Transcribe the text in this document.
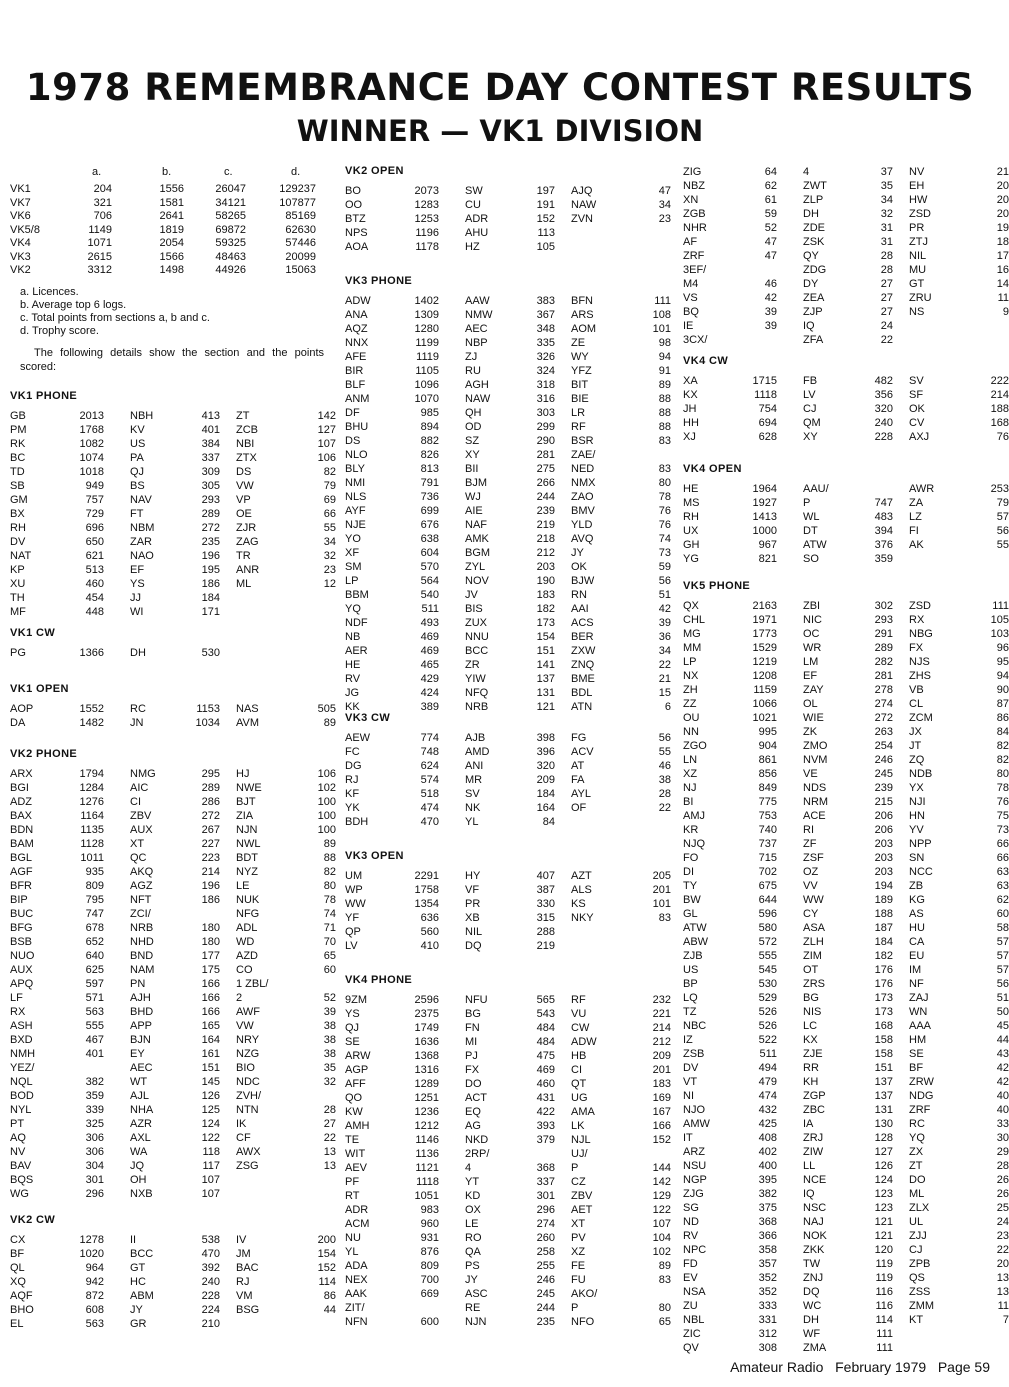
1978 REMEMBRANCE DAY CONTEST RESULTS
WINNER — VK1 DIVISION
a.	b.	c.	d.
VK1	204	1556	26047	129237
VK7	321	1581	34121	107877
VK6	706	2641	58265	85169
VK5/8	1149	1819	69872	62630
VK4	1071	2054	59325	57446
VK3	2615	1566	48463	20099
VK2	3312	1498	44926	15063
a. Licences.
b. Average top 6 logs.
c. Total points from sections a, b and c.
d. Trophy score.
The following details show the section and the points scored:
VK1 PHONE
GB	2013 NBH	413 ZT	142
PM	1768 KV	401 ZCB	127
RK	1082 US	384 NBI	107
BC	1074 PA	337 ZTX	106
TD	1018 QJ	309 DS	82
SB	949 BS	305 VW	79
GM	757 NAV	293 VP	69
BX	729 FT	289 OE	66
RH	696 NBM	272 ZJR	55
DV	650 ZAR	235 ZAG	34
NAT	621 NAO	196 TR	32
KP	513 EF	195 ANR	23
XU	460 YS	186 ML	12
TH	454 JJ	184
MF	448 WI	171
VK1 CW
PG	1366 DH	530
VK1 OPEN
AOP	1552 RC	1153 NAS	505
DA	1482 JN	1034 AVM	89
VK2 PHONE
ARX	1794 NMG	295 HJ	106
BGI	1284 AIC	289 NWE	102
ADZ	1276 CI	286 BJT	100
BAX	1164 ZBV	272 ZIA	100
BDN	1135 AUX	267 NJN	100
BAM	1128 XT	227 NWL	89
BGL	1011 QC	223 BDT	88
AGF	935 AKQ	214 NYZ	82
BFR	809 AGZ	196 LE	80
BIP	795 NFT	186 NUK	78
BUC	747 ZCI/	NFG	74
BFG	678 NRB	180 ADL	71
BSB	652 NHD	180 WD	70
NUO	640 BND	177 AZD	65
AUX	625 NAM	175 CO	60
APQ	597 PN	166 1 ZBL/
LF	571 AJH	166 2	52
RX	563 BHD	166 AWF	39
ASH	555 APP	165 VW	38
BXD	467 BJN	164 NRY	38
NMH	401 EY	161 NZG	38
YEZ/	AEC	151 BIO	35
NQL	382 WT	145 NDC	32
BOD	359 AJL	126 ZVH/
NYL	339 NHA	125 NTN	28
PT	325 AZR	124 IK	27
AQ	306 AXL	122 CF	22
NV	306 WA	118 AWX	13
BAV	304 JQ	117 ZSG	13
BQS	301 OH	107
WG	296 NXB	107
VK2 CW
CX	1278 II	538 IV	200
BF	1020 BCC	470 JM	154
QL	964 GT	392 BAC	152
XQ	942 HC	240 RJ	114
AQF	872 ABM	228 VM	86
BHO	608 JY	224 BSG	44
EL	563 GR	210
VK2 OPEN
BO	2073 SW	197 AJQ	47
OO	1283 CU	191 NAW	34
BTZ	1253 ADR	152 ZVN	23
NPS	1196 AHU	113
AOA	1178 HZ	105
VK3 PHONE
ADW	1402 AAW	383 BFN	111
ANA	1309 NMW	367 ARS	108
AQZ	1280 AEC	348 AOM	101
NNX	1199 NBP	335 ZE	98
AFE	1119 ZJ	326 WY	94
BIR	1105 RU	324 YFZ	91
BLF	1096 AGH	318 BIT	89
ANM	1070 NAW	316 BIE	88
DF	985 QH	303 LR	88
BHU	894 OD	299 RF	88
DS	882 SZ	290 BSR	83
NLO	826 XY	281 ZAE/
BLY	813 BII	275 NED	83
NMI	791 BJM	266 NMX	80
NLS	736 WJ	244 ZAO	78
AYF	699 AIE	239 BMV	76
NJE	676 NAF	219 YLD	76
YO	638 AMK	218 AVQ	74
XF	604 BGM	212 JY	73
SM	570 ZYL	203 OK	59
LP	564 NOV	190 BJW	56
BBM	540 JV	183 RN	51
YQ	511 BIS	182 AAI	42
NDF	493 ZUX	173 ACS	39
NB	469 NNU	154 BER	36
AER	469 BCC	151 ZXW	34
HE	465 ZR	141 ZNQ	22
RV	429 YIW	137 BME	21
JG	424 NFQ	131 BDL	15
KK	389 NRB	121 ATN	6
VK3 CW
AEW	774 AJB	398 FG	56
FC	748 AMD	396 ACV	55
DG	624 ANI	320 AT	46
RJ	574 MR	209 FA	38
KF	518 SV	184 AYL	28
YK	474 NK	164 OF	22
BDH	470 YL	84
VK3 OPEN
UM	2291 HY	407 AZT	205
WP	1758 VF	387 ALS	201
WW	1354 PR	330 KS	101
YF	636 XB	315 NKY	83
QP	560 NIL	288
LV	410 DQ	219
VK4 PHONE
9ZM	2596 NFU	565 RF	232
YS	2375 BG	543 VU	221
QJ	1749 FN	484 CW	214
SE	1636 MI	484 ADW	212
ARW	1368 PJ	475 HB	209
AGP	1316 FX	469 CI	201
AFF	1289 DO	460 QT	183
QO	1251 ACT	431 UG	169
KW	1236 EQ	422 AMA	167
AMH	1212 AG	393 LK	166
TE	1146 NKD	379 NJL	152
WIT	1136 2RP/	UJ/
AEV	1121 4	368 P	144
PF	1118 YT	337 CZ	142
RT	1051 KD	301 ZBV	129
ADR	983 OX	296 AET	122
ACM	960 LE	274 XT	107
NU	931 RO	260 PV	104
YL	876 QA	258 XZ	102
ADA	809 PS	255 FE	89
NEX	700 JY	246 FU	83
AAK	669 ASC	245 AKO/
ZIT/	RE	244 P	80
NFN	600 NJN	235 NFO	65
ZIG	64 4	37 NV	21
NBZ	62 ZWT	35 EH	20
XN	61 ZLP	34 HW	20
ZGB	59 DH	32 ZSD	20
NHR	52 ZDE	31 PR	19
AF	47 ZSK	31 ZTJ	18
ZRF	47 QY	28 NIL	17
3EF/	ZDG	28 MU	16
M4	46 DY	27 GT	14
VS	42 ZEA	27 ZRU	11
BQ	39 ZJP	27 NS	9
IE	39 IQ	24
3CX/	ZFA	22
VK4 CW
XA	1715 FB	482 SV	222
KX	1118 LV	356 SF	214
JH	754 CJ	320 OK	188
HH	694 QM	240 CV	168
XJ	628 XY	228 AXJ	76
VK4 OPEN
HE	1964 AAU/	AWR	253
MS	1927 P	747 ZA	79
RH	1413 WL	483 LZ	57
UX	1000 DT	394 FI	56
GH	967 ATW	376 AK	55
YG	821 SO	359
VK5 PHONE
QX	2163 ZBI	302 ZSD	111
CHL	1971 NIC	293 RX	105
MG	1773 OC	291 NBG	103
MM	1529 WR	289 FX	96
LP	1219 LM	282 NJS	95
NX	1208 EF	281 ZHS	94
ZH	1159 ZAY	278 VB	90
ZZ	1066 OL	274 CL	87
OU	1021 WIE	272 ZCM	86
NN	995 ZK	263 JX	84
ZGO	904 ZMO	254 JT	82
LN	861 NVM	246 ZQ	82
XZ	856 VE	245 NDB	80
NJ	849 NDS	239 YX	78
BI	775 NRM	215 NJI	76
AMJ	753 ACE	206 HN	75
KR	740 RI	206 YV	73
NJQ	737 ZF	203 NPP	66
FO	715 ZSF	203 SN	66
DI	702 OZ	203 NCC	63
TY	675 VV	194 ZB	63
BW	644 WW	189 KG	62
GL	596 CY	188 AS	60
ATW	580 ASA	187 HU	58
ABW	572 ZLH	184 CA	57
ZJB	555 ZIM	182 EU	57
US	545 OT	176 IM	57
BP	530 ZRS	176 NF	56
LQ	529 BG	173 ZAJ	51
TZ	526 NIS	173 WN	50
NBC	526 LC	168 AAA	45
IZ	522 KX	158 HM	44
ZSB	511 ZJE	158 SE	43
DV	494 RR	151 BF	42
VT	479 KH	137 ZRW	42
NI	474 ZGP	137 NDG	40
NJO	432 ZBC	131 ZRF	40
AMW	425 IA	130 RC	33
IT	408 ZRJ	128 YQ	30
ARZ	402 ZIW	127 ZX	29
NSU	400 LL	126 ZT	28
NGP	395 NCE	124 DO	26
ZJG	382 IQ	123 ML	26
SG	375 NSC	123 ZLX	25
ND	368 NAJ	121 UL	24
RV	366 NOK	121 ZJJ	23
NPC	358 ZKK	120 CJ	22
FD	357 TW	119 ZPB	20
EV	352 ZNJ	119 QS	13
NSA	352 DQ	116 ZSS	13
ZU	333 WC	116 ZMM	11
NBL	331 DH	114 KT	7
ZIC	312 WF	111
QV	308 ZMA	111
Amateur Radio   February 1979   Page 59
